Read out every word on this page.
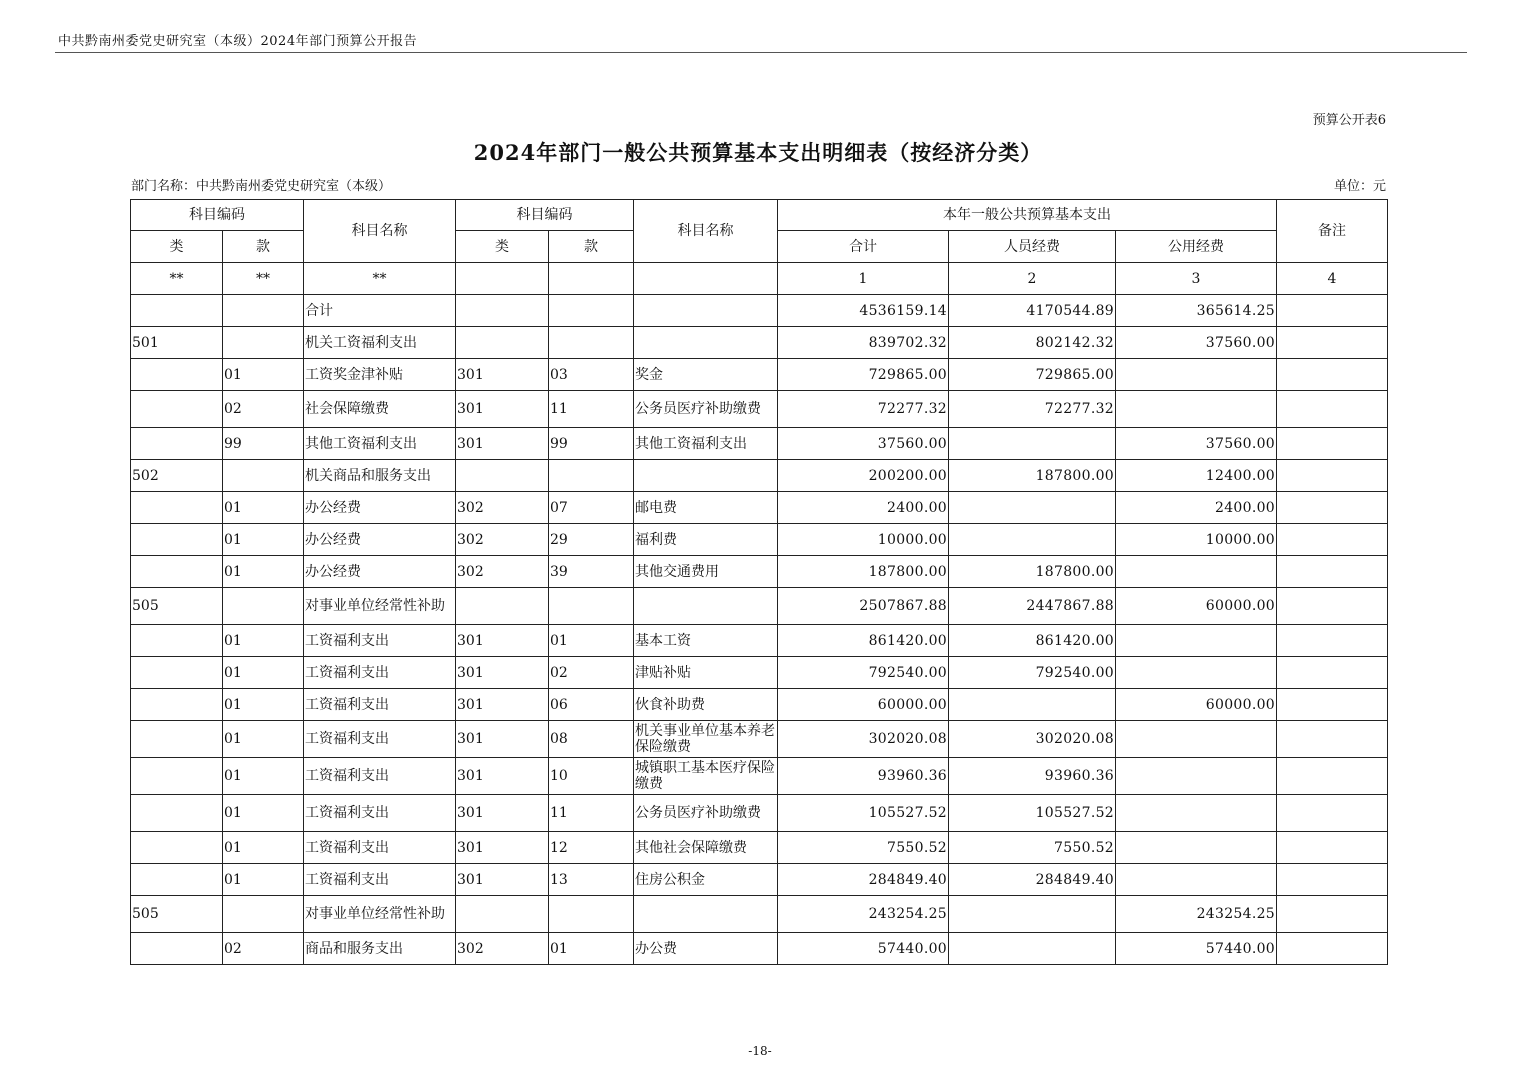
中共黔南州委党史研究室（本级）2024年部门预算公开报告
预算公开表6
2024年部门一般公共预算基本支出明细表（按经济分类）
部门名称：中共黔南州委党史研究室（本级）	单位：元
科目编码		科目名称	科目编码		科目名称	本年一般公共预算基本支出			备注
类	款		类	款		合计	人员经费	公用经费	
**	**	**				1	2	3	4
		合计				4536159.14	4170544.89	365614.25	
501		机关工资福利支出				839702.32	802142.32	37560.00	
	01	工资奖金津补贴	301	03	奖金	729865.00	729865.00		
	02	社会保障缴费	301	11	公务员医疗补助缴费	72277.32	72277.32		
	99	其他工资福利支出	301	99	其他工资福利支出	37560.00		37560.00	
502		机关商品和服务支出				200200.00	187800.00	12400.00	
	01	办公经费	302	07	邮电费	2400.00		2400.00	
	01	办公经费	302	29	福利费	10000.00		10000.00	
	01	办公经费	302	39	其他交通费用	187800.00	187800.00		
505		对事业单位经常性补助				2507867.88	2447867.88	60000.00	
	01	工资福利支出	301	01	基本工资	861420.00	861420.00		
	01	工资福利支出	301	02	津贴补贴	792540.00	792540.00		
	01	工资福利支出	301	06	伙食补助费	60000.00		60000.00	
	01	工资福利支出	301	08	机关事业单位基本养老保险缴费	302020.08	302020.08		
	01	工资福利支出	301	10	城镇职工基本医疗保险缴费	93960.36	93960.36		
	01	工资福利支出	301	11	公务员医疗补助缴费	105527.52	105527.52		
	01	工资福利支出	301	12	其他社会保障缴费	7550.52	7550.52		
	01	工资福利支出	301	13	住房公积金	284849.40	284849.40		
505		对事业单位经常性补助				243254.25		243254.25	
	02	商品和服务支出	302	01	办公费	57440.00		57440.00	
-18-
